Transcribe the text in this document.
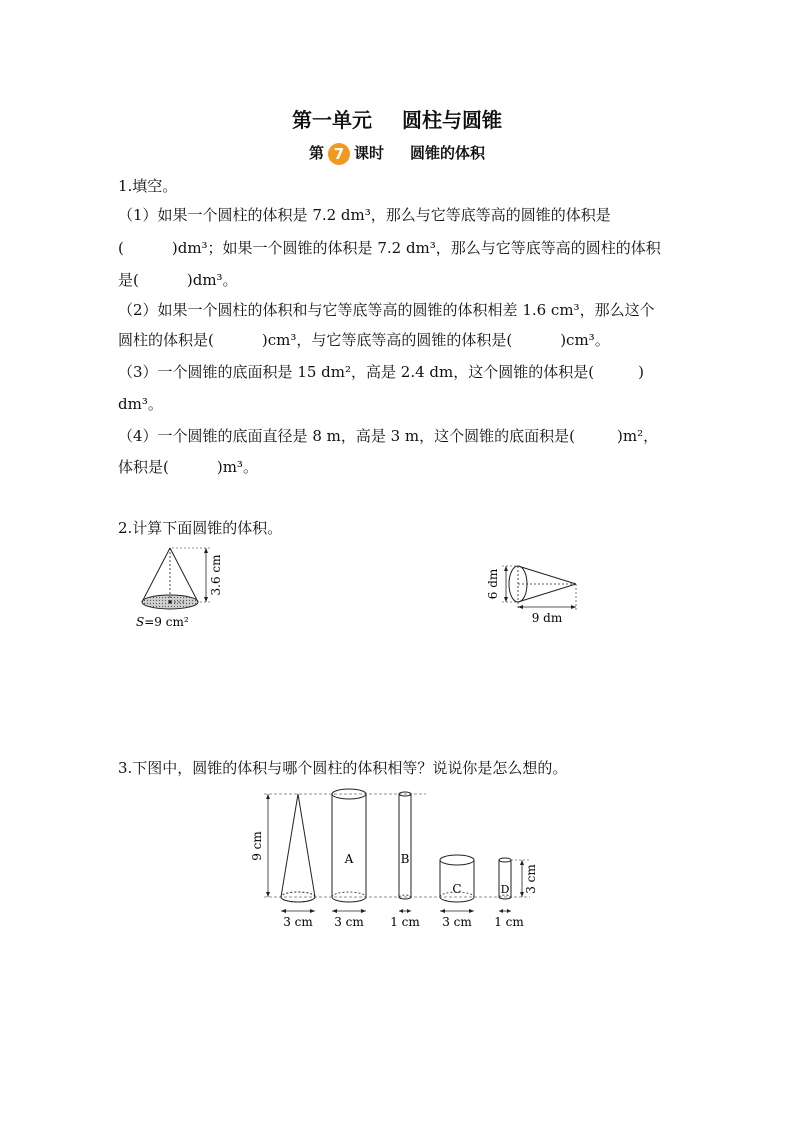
第一单元 圆柱与圆锥
第 7 课时 圆锥的体积
1.填空。
（1）如果一个圆柱的体积是 7.2 dm³，那么与它等底等高的圆锥的体积是
(	)dm³；如果一个圆锥的体积是 7.2 dm³，那么与它等底等高的圆柱的体积
是(	)dm³。
（2）如果一个圆柱的体积和与它等底等高的圆锥的体积相差 1.6 cm³，那么这个
圆柱的体积是(	)cm³，与它等底等高的圆锥的体积是(	)cm³。
（3）一个圆锥的底面积是 15 dm²，高是 2.4 dm，这个圆锥的体积是(	)
dm³。
（4）一个圆锥的底面直径是 8 m，高是 3 m，这个圆锥的底面积是(	)m²，
体积是(	)m³。
2.计算下面圆锥的体积。
3.6 cm
S=9 cm²
6 dm
9 dm
3.下图中，圆锥的体积与哪个圆柱的体积相等？说说你是怎么想的。
9 cm	A	B
C	D 3 cm
3 cm 3 cm 1 cm 3 cm 1 cm
